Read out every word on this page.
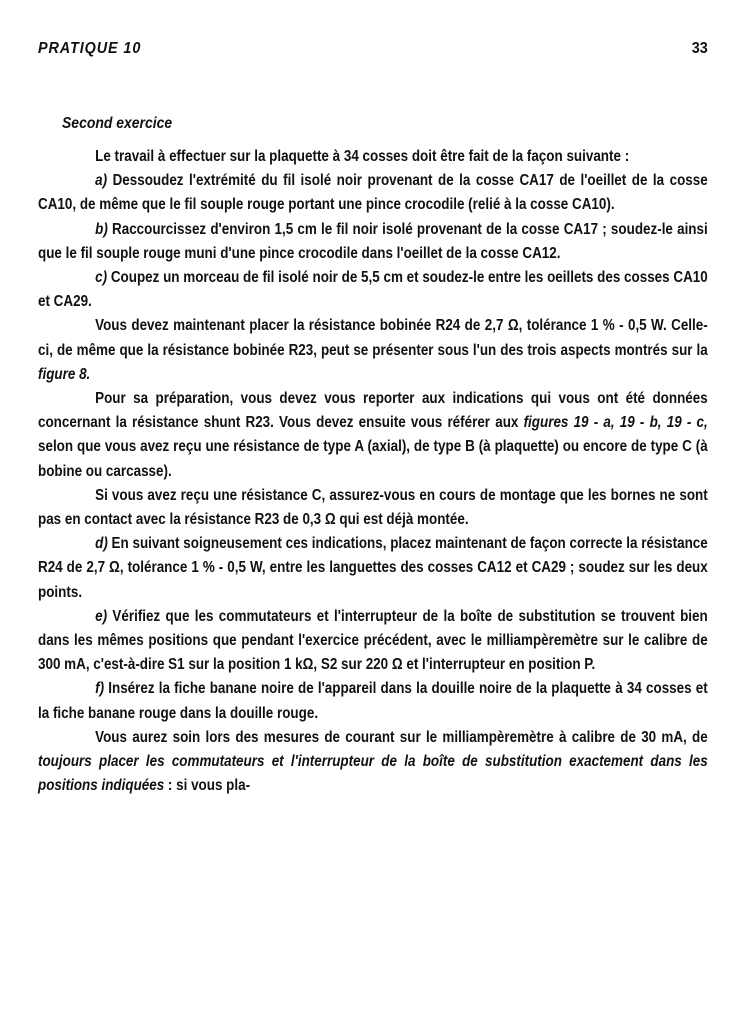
PRATIQUE 10	33
Second exercice

Le travail à effectuer sur la plaquette à 34 cosses doit être fait de la façon suivante :

a) Dessoudez l'extrémité du fil isolé noir provenant de la cosse CA17 de l'oeillet de la cosse CA10, de même que le fil souple rouge portant une pince crocodile (relié à la cosse CA10).

b) Raccourcissez d'environ 1,5 cm le fil noir isolé provenant de la cosse CA17 ; soudez-le ainsi que le fil souple rouge muni d'une pince crocodile dans l'oeillet de la cosse CA12.

c) Coupez un morceau de fil isolé noir de 5,5 cm et soudez-le entre les oeillets des cosses CA10 et CA29.

Vous devez maintenant placer la résistance bobinée R24 de 2,7 Ω, tolérance 1 % - 0,5 W. Celle-ci, de même que la résistance bobinée R23, peut se présenter sous l'un des trois aspects montrés sur la figure 8.

Pour sa préparation, vous devez vous reporter aux indications qui vous ont été données concernant la résistance shunt R23. Vous devez ensuite vous référer aux figures 19 - a, 19 - b, 19 - c, selon que vous avez reçu une résistance de type A (axial), de type B (à plaquette) ou encore de type C (à bobine ou carcasse).

Si vous avez reçu une résistance C, assurez-vous en cours de montage que les bornes ne sont pas en contact avec la résistance R23 de 0,3 Ω qui est déjà montée.

d) En suivant soigneusement ces indications, placez maintenant de façon correcte la résistance R24 de 2,7 Ω, tolérance 1 % - 0,5 W, entre les languettes des cosses CA12 et CA29 ; soudez sur les deux points.

e) Vérifiez que les commutateurs et l'interrupteur de la boîte de substitution se trouvent bien dans les mêmes positions que pendant l'exercice précédent, avec le milliampèremètre sur le calibre de 300 mA, c'est-à-dire S1 sur la position 1 kΩ, S2 sur 220 Ω et l'interrupteur en position P.

f) Insérez la fiche banane noire de l'appareil dans la douille noire de la plaquette à 34 cosses et la fiche banane rouge dans la douille rouge.

Vous aurez soin lors des mesures de courant sur le milliampèremètre à calibre de 30 mA, de toujours placer les commutateurs et l'interrupteur de la boîte de substitution exactement dans les positions indiquées : si vous pla-
